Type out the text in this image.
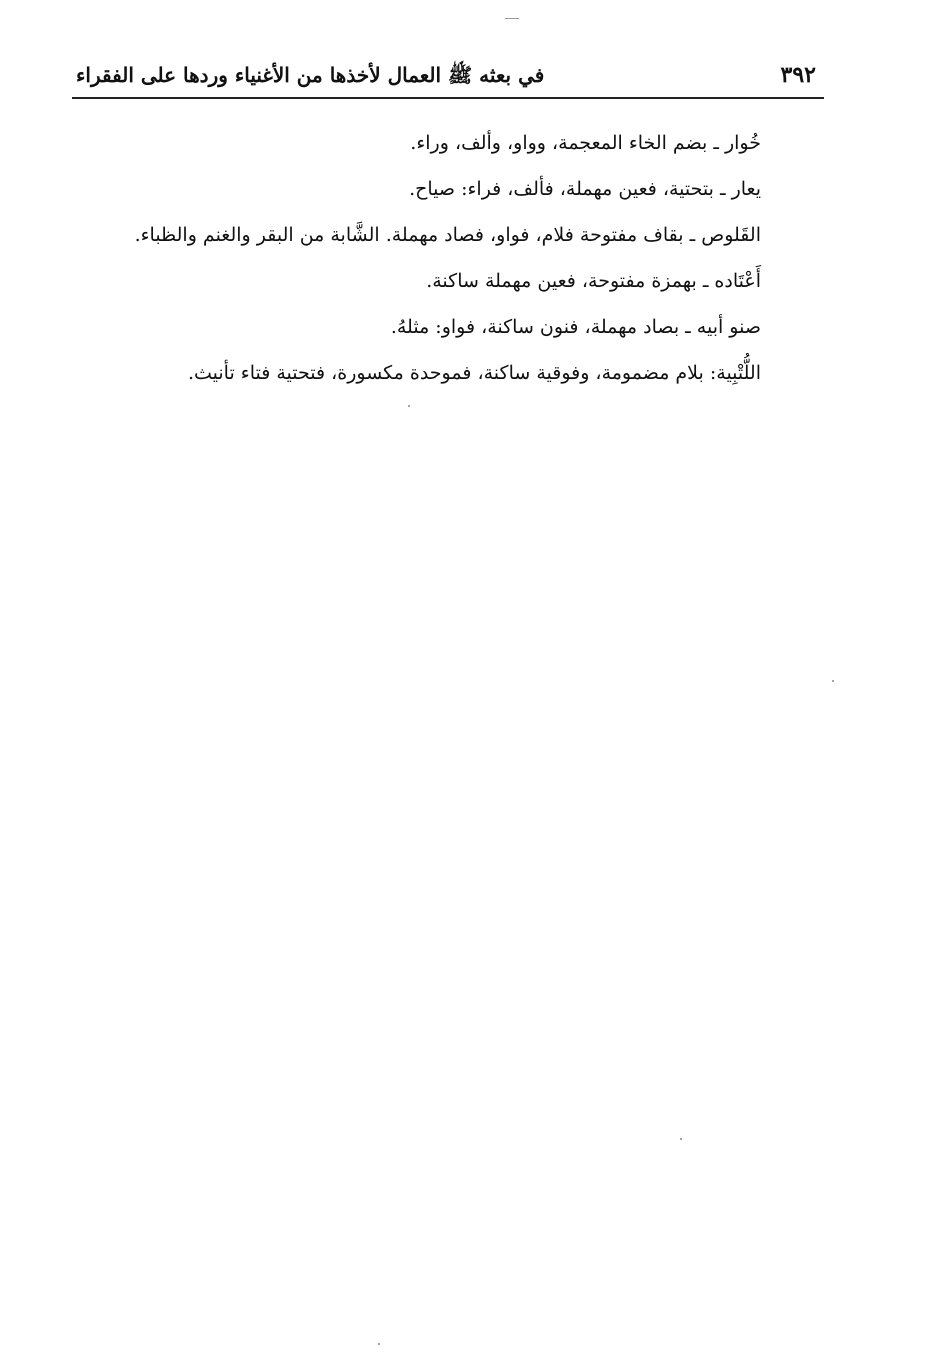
٣٩٢
في بعثه ﷺ العمال لأخذها من الأغنياء وردها على الفقراء
خُوار ـ بضم الخاء المعجمة، وواو، وألف، وراء.
يعار ـ بتحتية، فعين مهملة، فألف، فراء: صياح.
القَلوص ـ بقاف مفتوحة فلام، فواو، فصاد مهملة. الشَّابة من البقر والغنم والظباء.
أَعْتَاده ـ بهمزة مفتوحة، فعين مهملة ساكنة.
صنو أبيه ـ بصاد مهملة، فنون ساكنة، فواو: مثلهُ.
اللُّتْبِية: بلام مضمومة، وفوقية ساكنة، فموحدة مكسورة، فتحتية فتاء تأنيث.
